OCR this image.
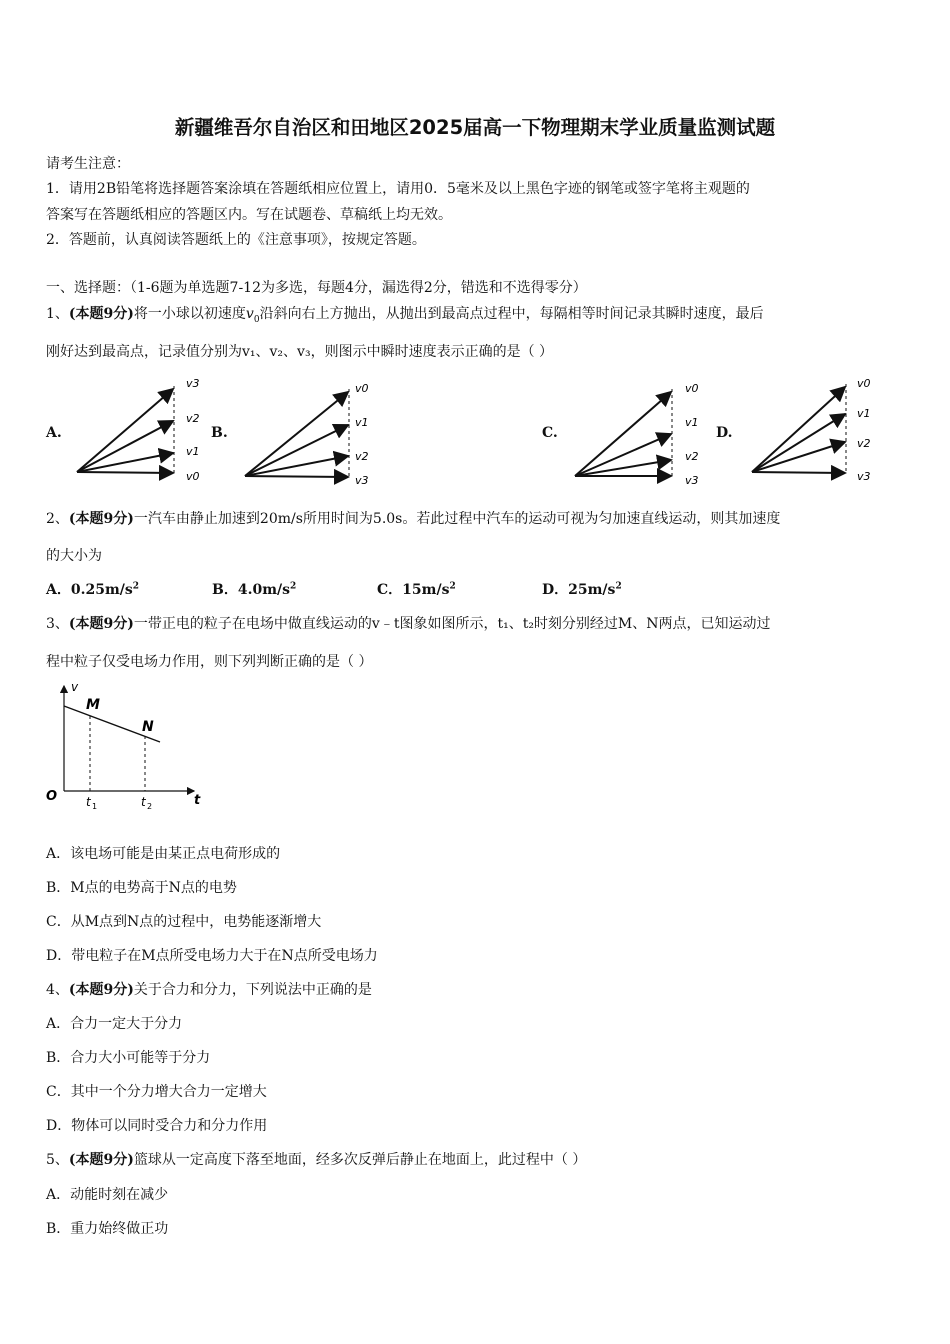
新疆维吾尔自治区和田地区2025届高一下物理期末学业质量监测试题
请考生注意：
1．请用2B铅笔将选择题答案涂填在答题纸相应位置上，请用0．5毫米及以上黑色字迹的钢笔或签字笔将主观题的
答案写在答题纸相应的答题区内。写在试题卷、草稿纸上均无效。
2．答题前，认真阅读答题纸上的《注意事项》，按规定答题。
一、选择题：（1-6题为单选题7-12为多选，每题4分，漏选得2分，错选和不选得零分）
1、(本题9分)将一小球以初速度$v_0$沿斜向右上方抛出，从抛出到最高点过程中，每隔相等时间记录其瞬时速度，最后
刚好达到最高点，记录值分别为v₁、v₂、v₃，则图示中瞬时速度表示正确的是（ ）
A.	B.	C.	D.
v3
v2
v1
v0
v0
v1
v2
v3
v0
v1
v2
v3
v0
v1
v2
v3
2、(本题9分)一汽车由静止加速到20m/s所用时间为5.0s。若此过程中汽车的运动可视为匀加速直线运动，则其加速度
的大小为
A．$0.25m/s^2$	B．$4.0m/s^2$	C．$15m/s^2$	D．$25m/s^2$
3、(本题9分)一带正电的粒子在电场中做直线运动的v﹣t图象如图所示，t₁、t₂时刻分别经过M、N两点，已知运动过
程中粒子仅受电场力作用，则下列判断正确的是（ ）
v
O	t
M
N
t 1	t 2
A．该电场可能是由某正点电荷形成的
B．M点的电势高于N点的电势
C．从M点到N点的过程中，电势能逐渐增大
D．带电粒子在M点所受电场力大于在N点所受电场力
4、(本题9分)关于合力和分力，下列说法中正确的是
A．合力一定大于分力
B．合力大小可能等于分力
C．其中一个分力增大合力一定增大
D．物体可以同时受合力和分力作用
5、(本题9分)篮球从一定高度下落至地面，经多次反弹后静止在地面上，此过程中（ ）
A．动能时刻在减少
B．重力始终做正功
